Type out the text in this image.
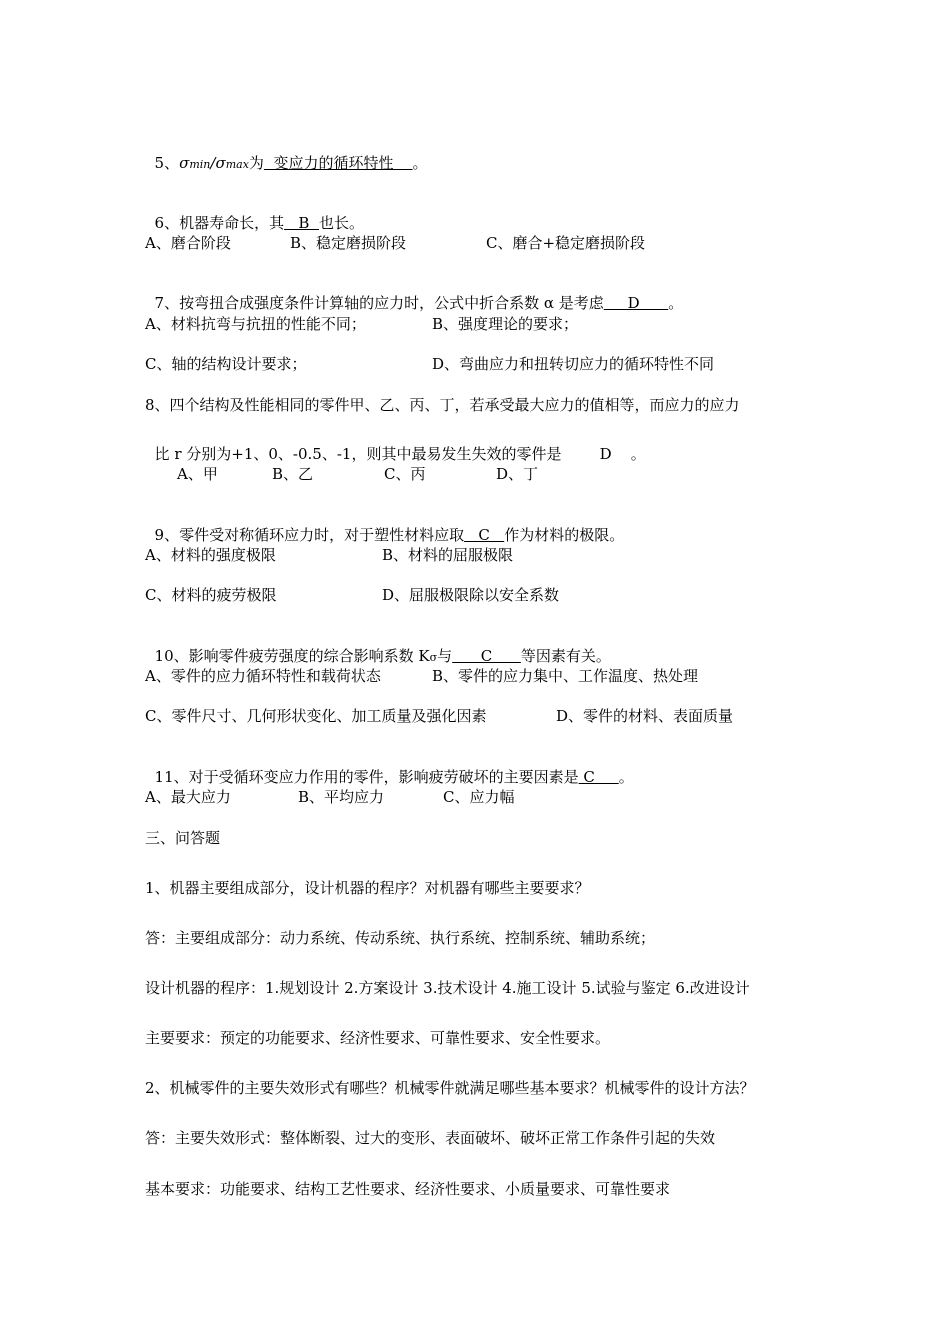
5、σmin/σmax为  变应力的循环特性    。

6、机器寿命长，其   B  也长。

A、磨合阶段	B、稳定磨损阶段	C、磨合+稳定磨损阶段

7、按弯扭合成强度条件计算轴的应力时，公式中折合系数 α 是考虑     D      。

A、材料抗弯与抗扭的性能不同；	B、强度理论的要求；
C、轴的结构设计要求；	D、弯曲应力和扭转切应力的循环特性不同
8、四个结构及性能相同的零件甲、乙、丙、丁，若承受最大应力的值相等，而应力的应力

比 r 分别为+1、0、-0.5、-1，则其中最易发生失效的零件是        D    。

A、甲	B、乙	C、丙	D、丁

9、零件受对称循环应力时，对于塑性材料应取   C   作为材料的极限。

A、材料的强度极限	B、材料的屈服极限
C、材料的疲劳极限	D、屈服极限除以安全系数

10、影响零件疲劳强度的综合影响系数 Kσ与      C      等因素有关。

A、零件的应力循环特性和载荷状态	B、零件的应力集中、工作温度、热处理
C、零件尺寸、几何形状变化、加工质量及强化因素	D、零件的材料、表面质量

11、对于受循环变应力作用的零件，影响疲劳破坏的主要因素是 C     。

A、最大应力	B、平均应力	C、应力幅
三、问答题
1、机器主要组成部分，设计机器的程序？对机器有哪些主要要求？
答：主要组成部分：动力系统、传动系统、执行系统、控制系统、辅助系统；
设计机器的程序：1.规划设计 2.方案设计 3.技术设计 4.施工设计 5.试验与鉴定 6.改进设计
主要要求：预定的功能要求、经济性要求、可靠性要求、安全性要求。
2、机械零件的主要失效形式有哪些？机械零件就满足哪些基本要求？机械零件的设计方法？
答：主要失效形式：整体断裂、过大的变形、表面破坏、破坏正常工作条件引起的失效
基本要求：功能要求、结构工艺性要求、经济性要求、小质量要求、可靠性要求
